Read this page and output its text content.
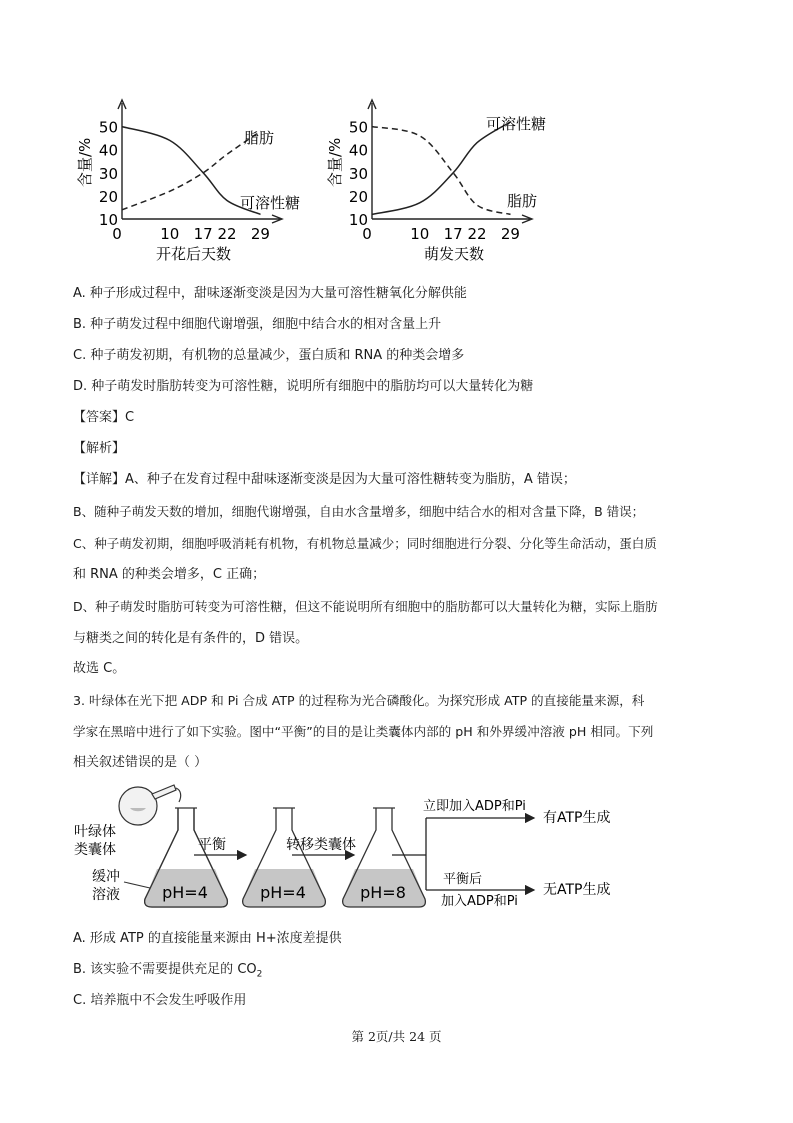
50
40
30
20
10
0	10 17 22 29
含量/%
开花后天数
脂肪
可溶性糖
50
40
30
20
10
0	10 17 22 29
含量/%
萌发天数
可溶性糖
脂肪
A. 种子形成过程中，甜味逐渐变淡是因为大量可溶性糖氧化分解供能
B. 种子萌发过程中细胞代谢增强，细胞中结合水的相对含量上升
C. 种子萌发初期，有机物的总量减少，蛋白质和 RNA 的种类会增多
D. 种子萌发时脂肪转变为可溶性糖，说明所有细胞中的脂肪均可以大量转化为糖
【答案】C
【解析】
【详解】A、种子在发育过程中甜味逐渐变淡是因为大量可溶性糖转变为脂肪，A 错误；
B、随种子萌发天数的增加，细胞代谢增强，自由水含量增多，细胞中结合水的相对含量下降，B 错误；
C、种子萌发初期，细胞呼吸消耗有机物，有机物总量减少；同时细胞进行分裂、分化等生命活动，蛋白质
和 RNA 的种类会增多，C 正确；
D、种子萌发时脂肪可转变为可溶性糖，但这不能说明所有细胞中的脂肪都可以大量转化为糖，实际上脂肪
与糖类之间的转化是有条件的，D 错误。
故选 C。
3. 叶绿体在光下把 ADP 和 Pi 合成 ATP 的过程称为光合磷酸化。为探究形成 ATP 的直接能量来源，科
学家在黑暗中进行了如下实验。图中“平衡”的目的是让类囊体内部的 pH 和外界缓冲溶液 pH 相同。下列
相关叙述错误的是（ ）
叶绿体
类囊体
缓冲
溶液	pH=4	pH=4	pH=8
平衡	转移类囊体
立即加入ADP和Pi
平衡后
加入ADP和Pi
有ATP生成
无ATP生成
A. 形成 ATP 的直接能量来源由 H+浓度差提供
B. 该实验不需要提供充足的 $CO_2$
C. 培养瓶中不会发生呼吸作用
第 2页/共 24 页
